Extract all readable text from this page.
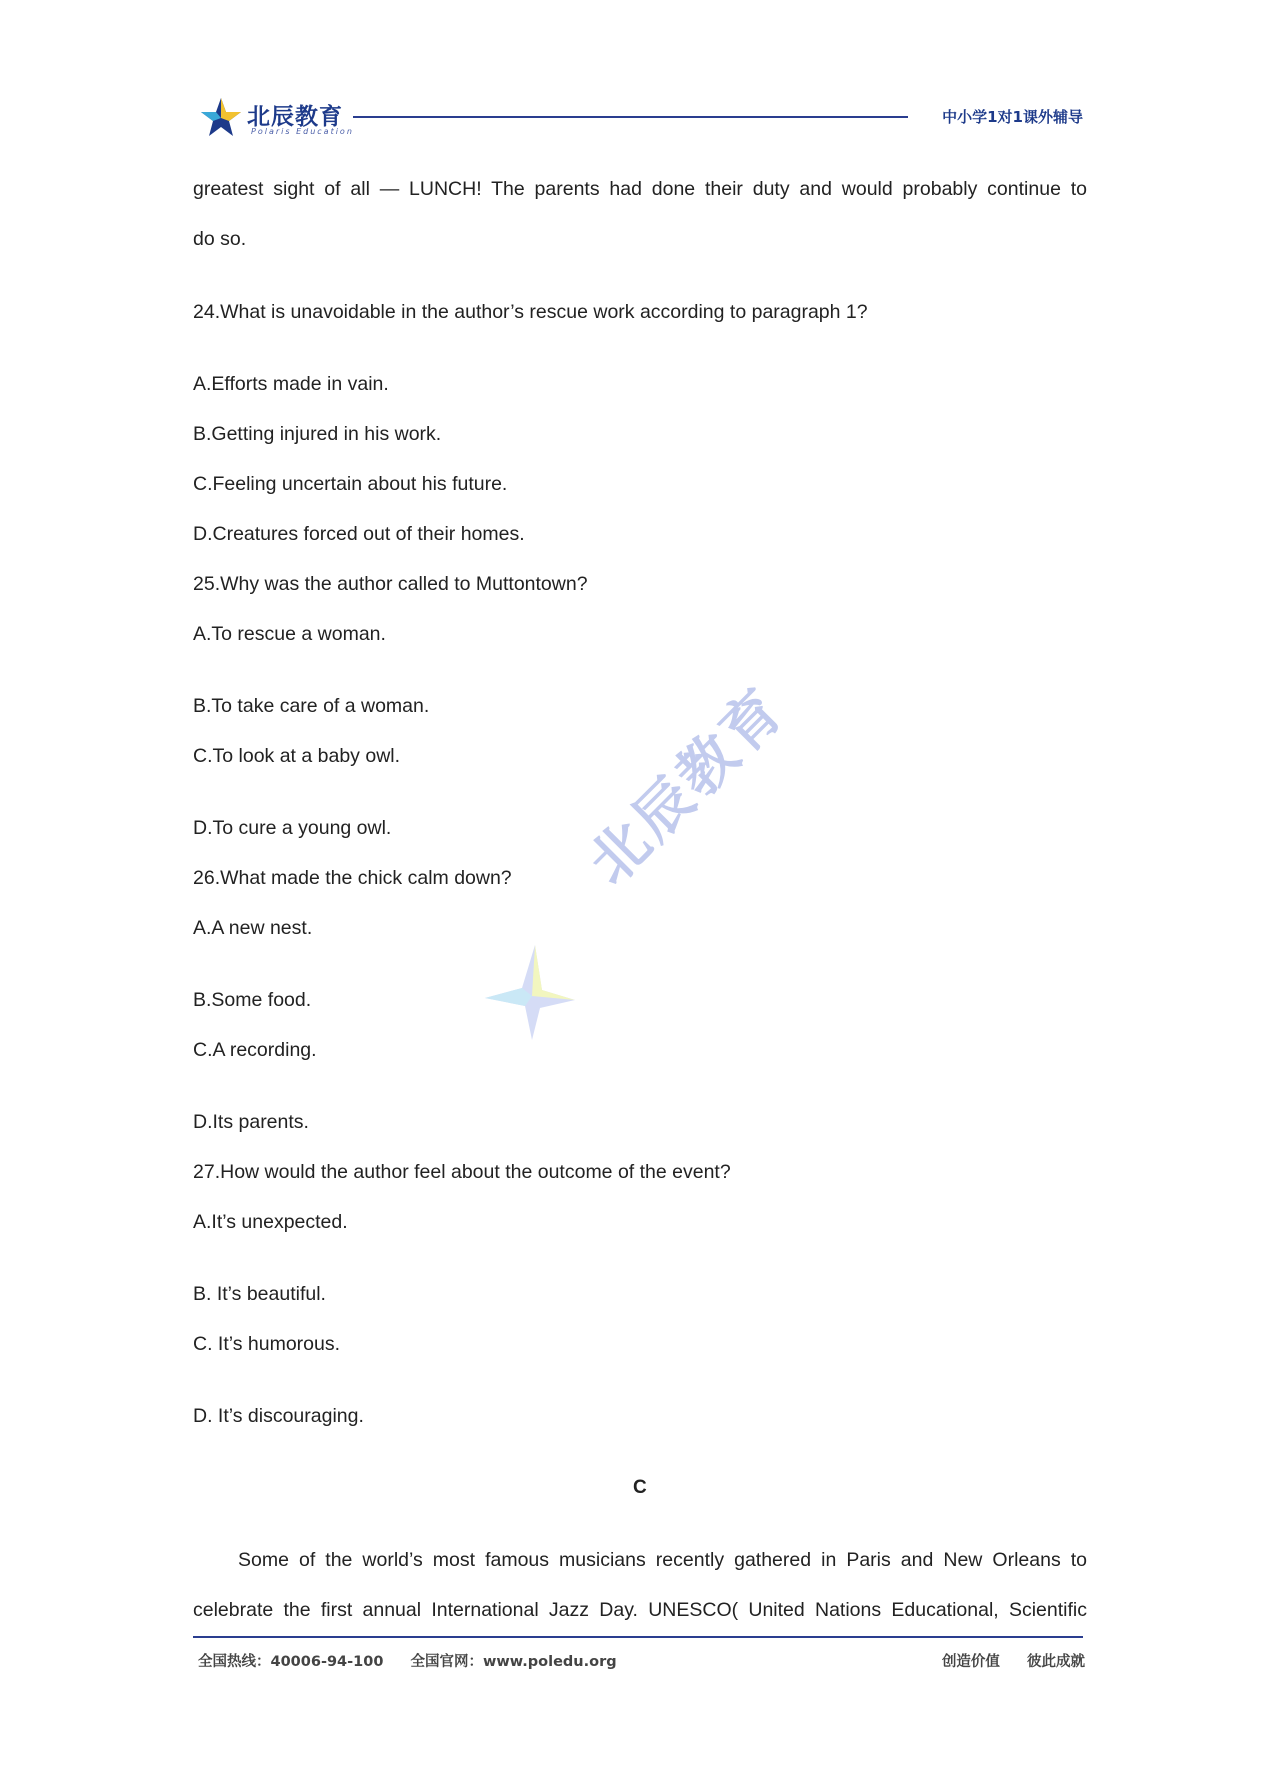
北辰教育
Polaris Education
中小学1对1课外辅导
北辰教育
greatest sight of all — LUNCH! The parents had done their duty and would probably continue to
do so.
24.What is unavoidable in the author’s rescue work according to paragraph 1?
A.Efforts made in vain.
B.Getting injured in his work.
C.Feeling uncertain about his future.
D.Creatures forced out of their homes.
25.Why was the author called to Muttontown?
A.To rescue a woman.
B.To take care of a woman.
C.To look at a baby owl.
D.To cure a young owl.
26.What made the chick calm down?
A.A new nest.
B.Some food.
C.A recording.
D.Its parents.
27.How would the author feel about the outcome of the event?
A.It’s unexpected.
B. It’s beautiful.
C. It’s humorous.
D. It’s discouraging.
C
Some of the world’s most famous musicians recently gathered in Paris and New Orleans to
celebrate the first annual International Jazz Day. UNESCO( United Nations Educational, Scientific
全国热线：40006-94-100 全国官网：www.poledu.org	创造价值 彼此成就
